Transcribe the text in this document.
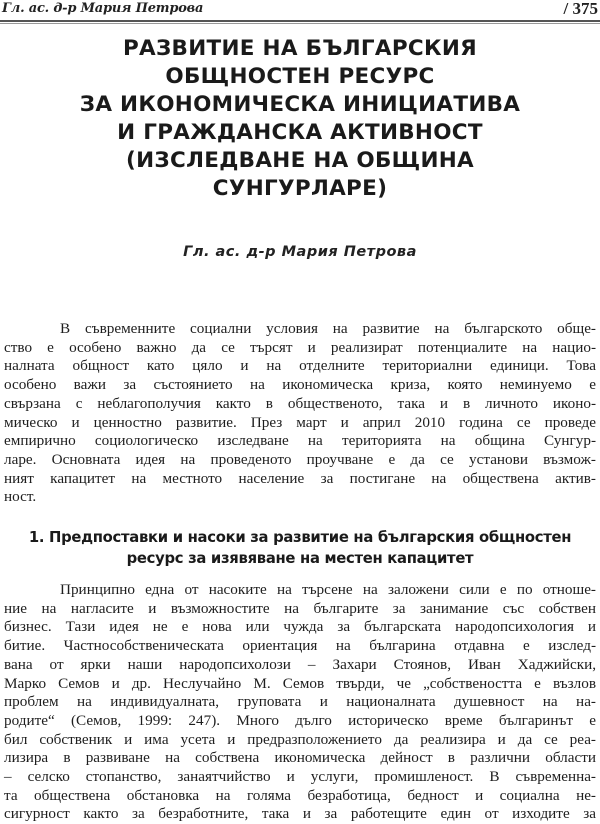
Гл. ас. д-р Мария Петрова	/ 375
РАЗВИТИЕ НА БЪЛГАРСКИЯ
ОБЩНОСТЕН РЕСУРС
ЗА ИКОНОМИЧЕСКА ИНИЦИАТИВА
И ГРАЖДАНСКА АКТИВНОСТ
(ИЗСЛЕДВАНЕ НА ОБЩИНА
СУНГУРЛАРЕ)
Гл. ас. д-р Мария Петрова
В съвременните социални условия на развитие на българското обще-
ство е особено важно да се търсят и реализират потенциалите на нацио-
налната общност като цяло и на отделните териториални единици. Това
особено важи за състоянието на икономическа криза, която неминуемо е
свързана с неблагополучия както в общественото, така и в личното иконо-
мическо и ценностно развитие. През март и април 2010 година се проведе
емпирично социологическо изследване на територията на община Сунгур-
ларе. Основната идея на проведеното проучване е да се установи възмож-
ният капацитет на местното население за постигане на обществена актив-
ност.
1. Предпоставки и насоки за развитие на българския общностен
ресурс за изявяване на местен капацитет
Принципно една от насоките на търсене на заложени сили е по отноше-
ние на нагласите и възможностите на българите за занимание със собствен
бизнес. Тази идея не е нова или чужда за българската народопсихология и
битие. Частнособственическата ориентация на българина отдавна е изслед-
вана от ярки наши народопсихолози – Захари Стоянов, Иван Хаджийски,
Марко Семов и др. Неслучайно М. Семов твърди, че „собствеността е възлов
проблем на индивидуалната, груповата и националната душевност на на-
родите“ (Семов, 1999: 247). Много дълго историческо време българинът е
бил собственик и има усета и предразположението да реализира и да се реа-
лизира в развиване на собствена икономическа дейност в различни области
– селско стопанство, занаятчийство и услуги, промишленост. В съвременна-
та обществена обстановка на голяма безработица, бедност и социална не-
сигурност както за безработните, така и за работещите един от изходите за
